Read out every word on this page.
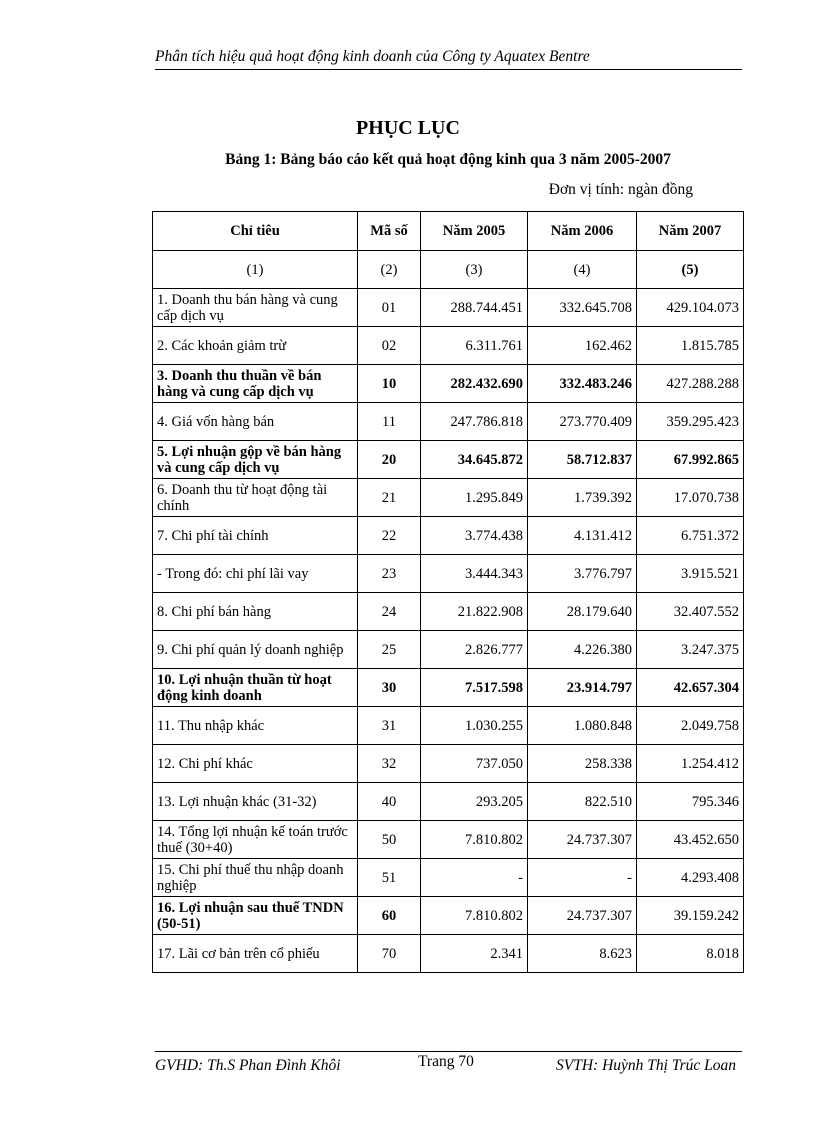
Phân tích hiệu quả hoạt động kinh doanh của Công ty Aquatex Bentre
PHỤC LỤC
Bảng 1: Bảng báo cáo kết quả hoạt động kinh qua 3 năm 2005-2007
Đơn vị tính: ngàn đồng
Chỉ tiêu	Mã số	Năm 2005	Năm 2006	Năm 2007
(1)	(2)	(3)	(4)	(5)
1. Doanh thu bán hàng và cung cấp dịch vụ	01	288.744.451	332.645.708	429.104.073
2. Các khoản giảm trừ	02	6.311.761	162.462	1.815.785
3. Doanh thu thuần về bán hàng và cung cấp dịch vụ	10	282.432.690	332.483.246	427.288.288
4. Giá vốn hàng bán	11	247.786.818	273.770.409	359.295.423
5. Lợi nhuận gộp về bán hàng và cung cấp dịch vụ	20	34.645.872	58.712.837	67.992.865
6. Doanh thu từ hoạt động tài chính	21	1.295.849	1.739.392	17.070.738
7. Chi phí tài chính	22	3.774.438	4.131.412	6.751.372
- Trong đó: chi phí lãi vay	23	3.444.343	3.776.797	3.915.521
8. Chi phí bán hàng	24	21.822.908	28.179.640	32.407.552
9. Chi phí quản lý doanh nghiệp	25	2.826.777	4.226.380	3.247.375
10. Lợi nhuận thuần từ hoạt động kinh doanh	30	7.517.598	23.914.797	42.657.304
11. Thu nhập khác	31	1.030.255	1.080.848	2.049.758
12. Chi phí khác	32	737.050	258.338	1.254.412
13. Lợi nhuận khác (31-32)	40	293.205	822.510	795.346
14. Tổng lợi nhuận kế toán trước thuế (30+40)	50	7.810.802	24.737.307	43.452.650
15. Chi phí thuế thu nhập doanh nghiệp	51	-	-	4.293.408
16. Lợi nhuận sau thuế TNDN (50-51)	60	7.810.802	24.737.307	39.159.242
17. Lãi cơ bản trên cổ phiếu	70	2.341	8.623	8.018
GVHD: Th.S Phan Đình Khôi	Trang 70	SVTH: Huỳnh Thị Trúc Loan
